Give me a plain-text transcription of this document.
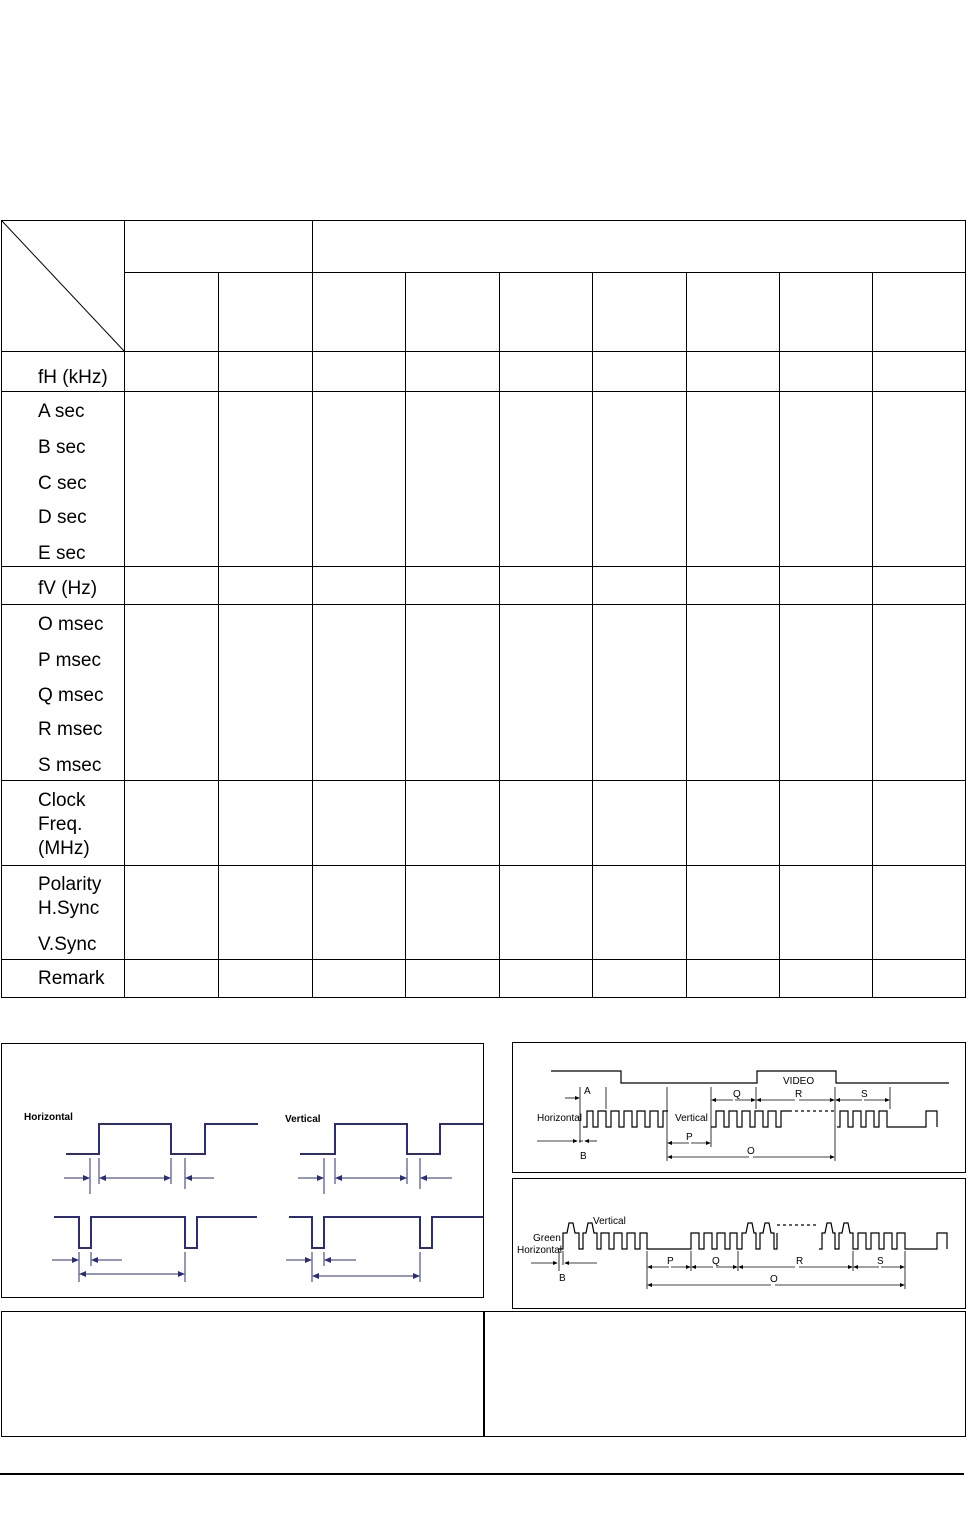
fH (kHz)									

A sec
B sec
C sec
D sec
E sec									

fV (Hz)									

O msec
P msec
Q msec
R msec
S msec									

Clock
Freq.
(MHz)									

Polarity
H.Sync
V.Sync									

Remark									

Horizontal	Vertical
VIDEO
Horizontal	Vertical
A
B
Q	R	S
P
O
Green
Horizontal
Vertical
B
P	Q	R	S
O
